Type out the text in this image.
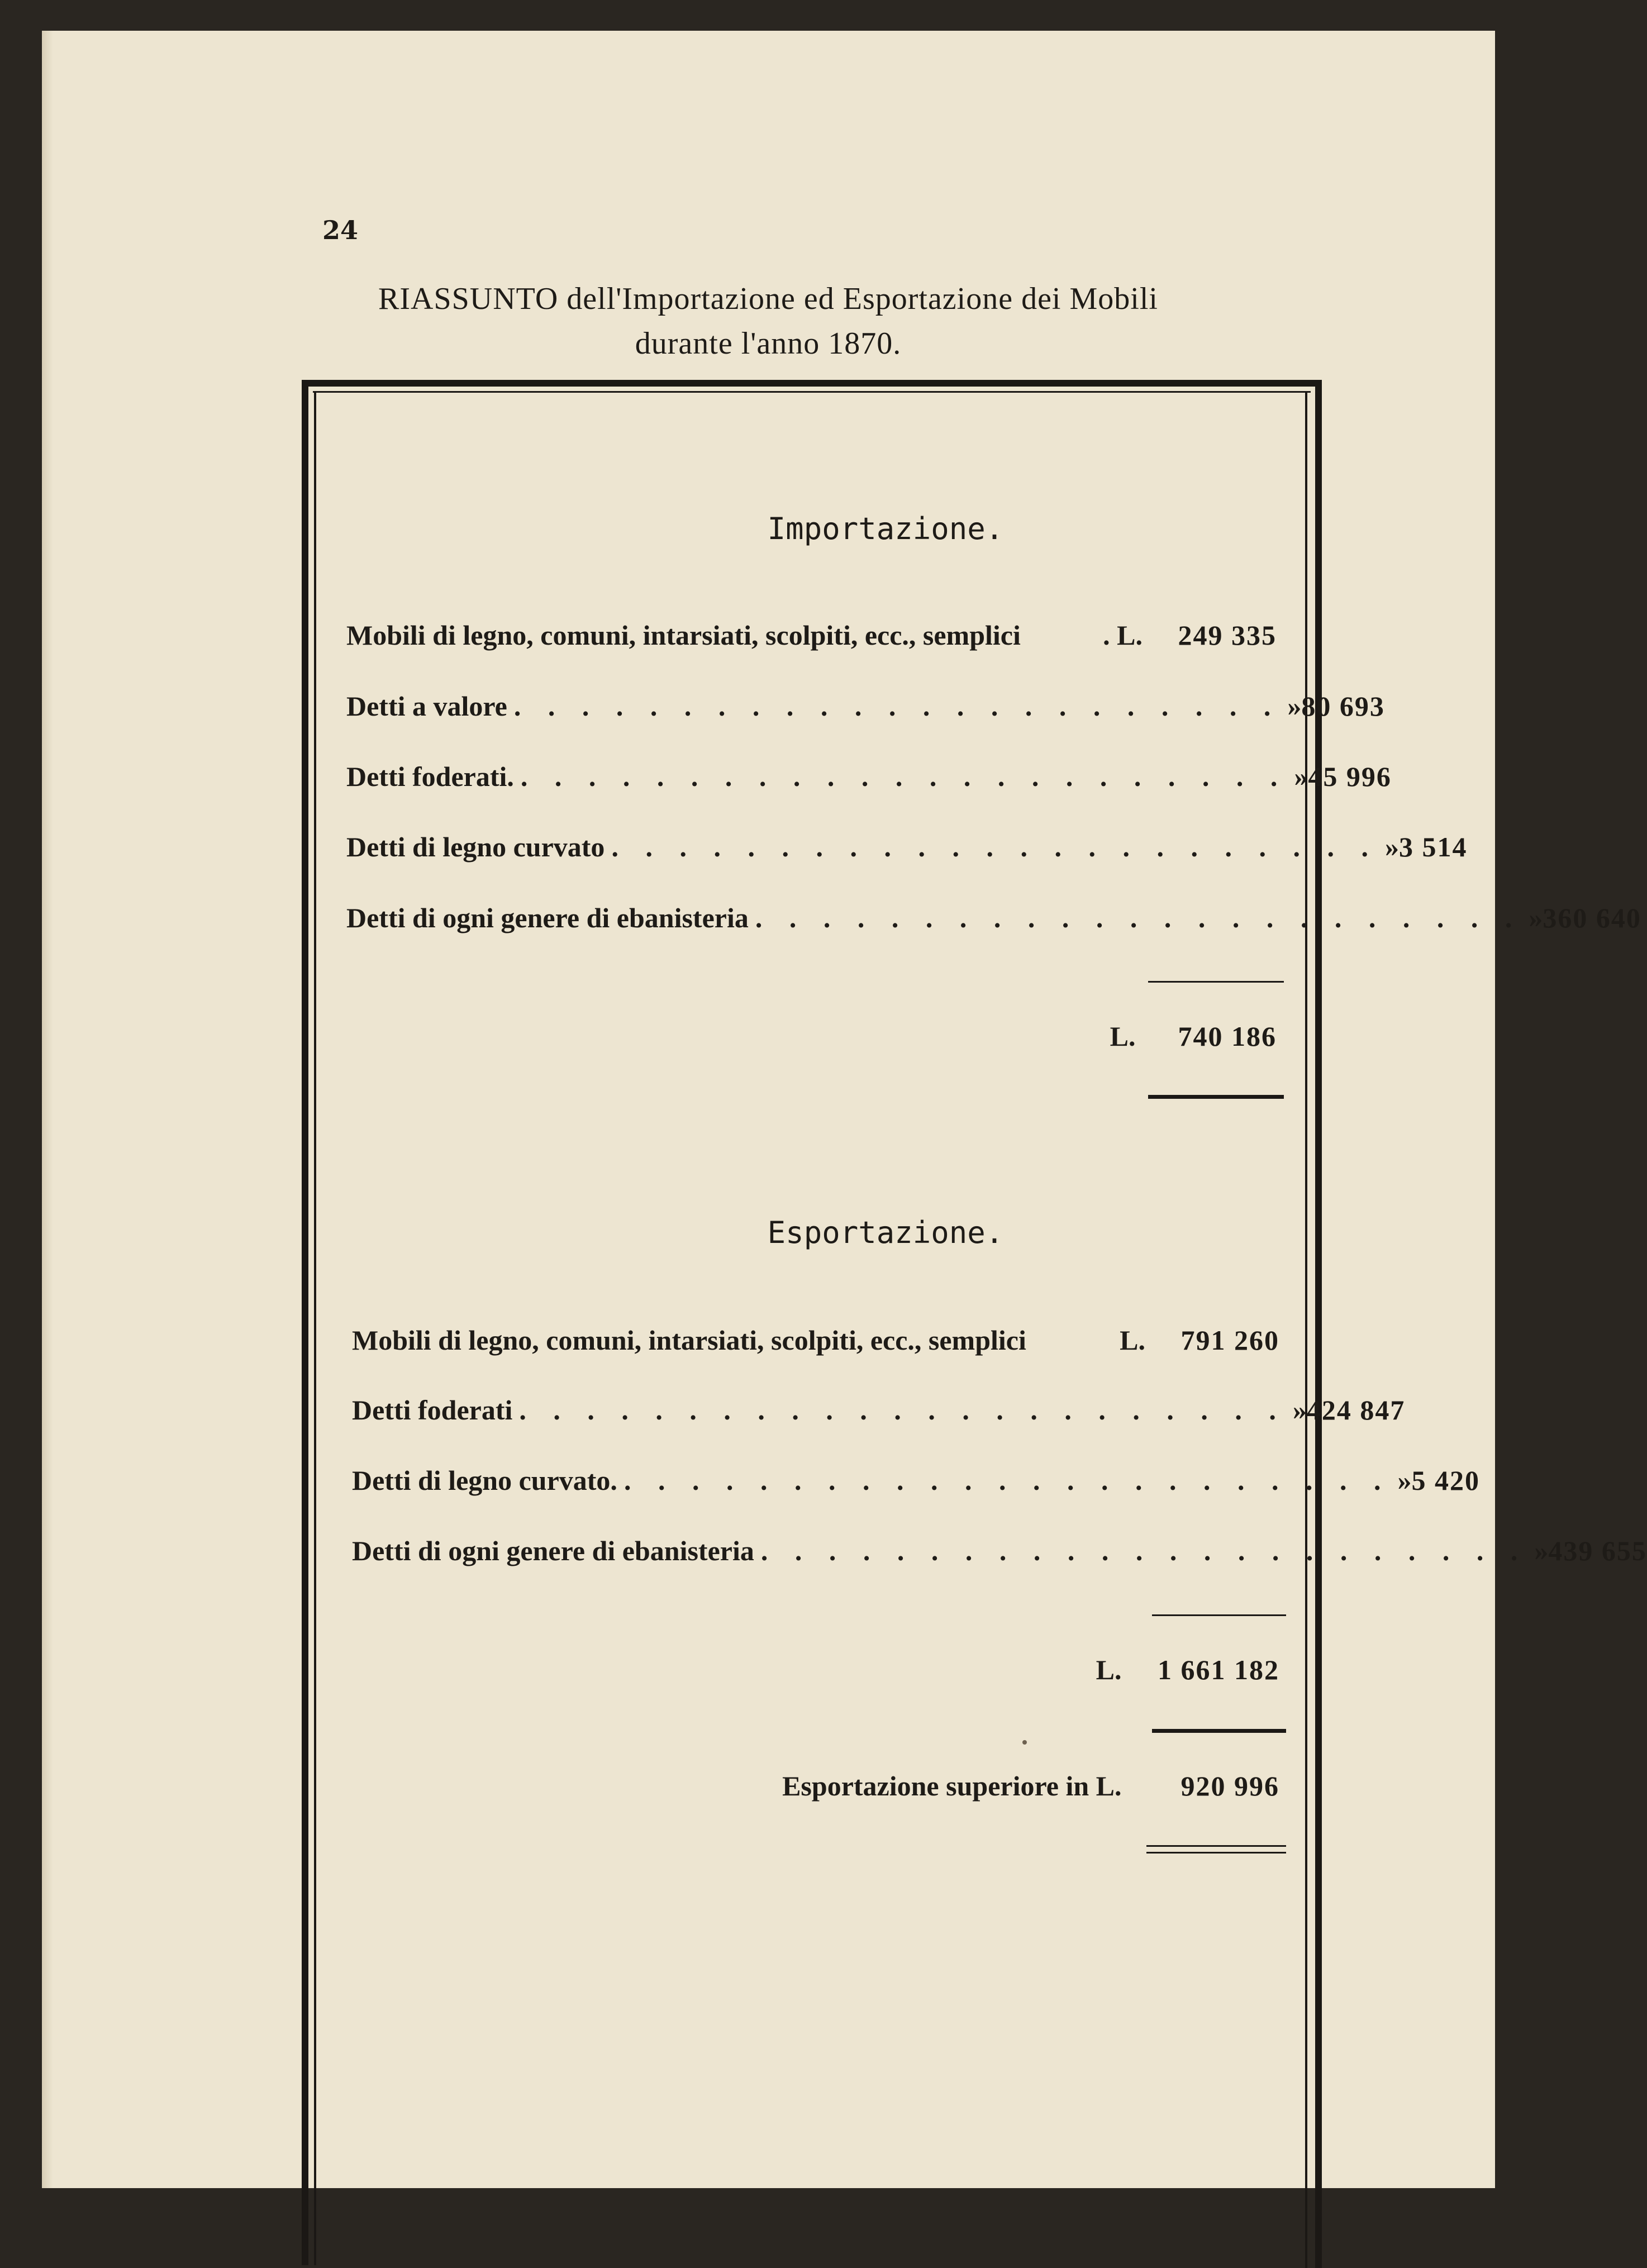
24
RIASSUNTO dell'Importazione ed Esportazione dei Mobili
durante l'anno 1870.
Importazione.
Mobili di legno, comuni, intarsiati, scolpiti, ecc., semplici	. L.	249 335
Detti a valore . . . . . . . . . . . . . . . . . . . . . . . » 80 693
Detti foderati. . . . . . . . . . . . . . . . . . . . . . . . » 45 996
Detti di legno curvato . . . . . . . . . . . . . . . . . . . . . . . » 3 514
Detti di ogni genere di ebanisteria . . . . . . . . . . . . . . . . . . . . . . . » 360 640
L. 740 186
Esportazione.
Mobili di legno, comuni, intarsiati, scolpiti, ecc., semplici	L.	791 260
Detti foderati . . . . . . . . . . . . . . . . . . . . . . . » 424 847
Detti di legno curvato. . . . . . . . . . . . . . . . . . . . . . . . » 5 420
Detti di ogni genere di ebanisteria . . . . . . . . . . . . . . . . . . . . . . . » 439 655
L. 1 661 182
Esportazione superiore in L. 920 996
